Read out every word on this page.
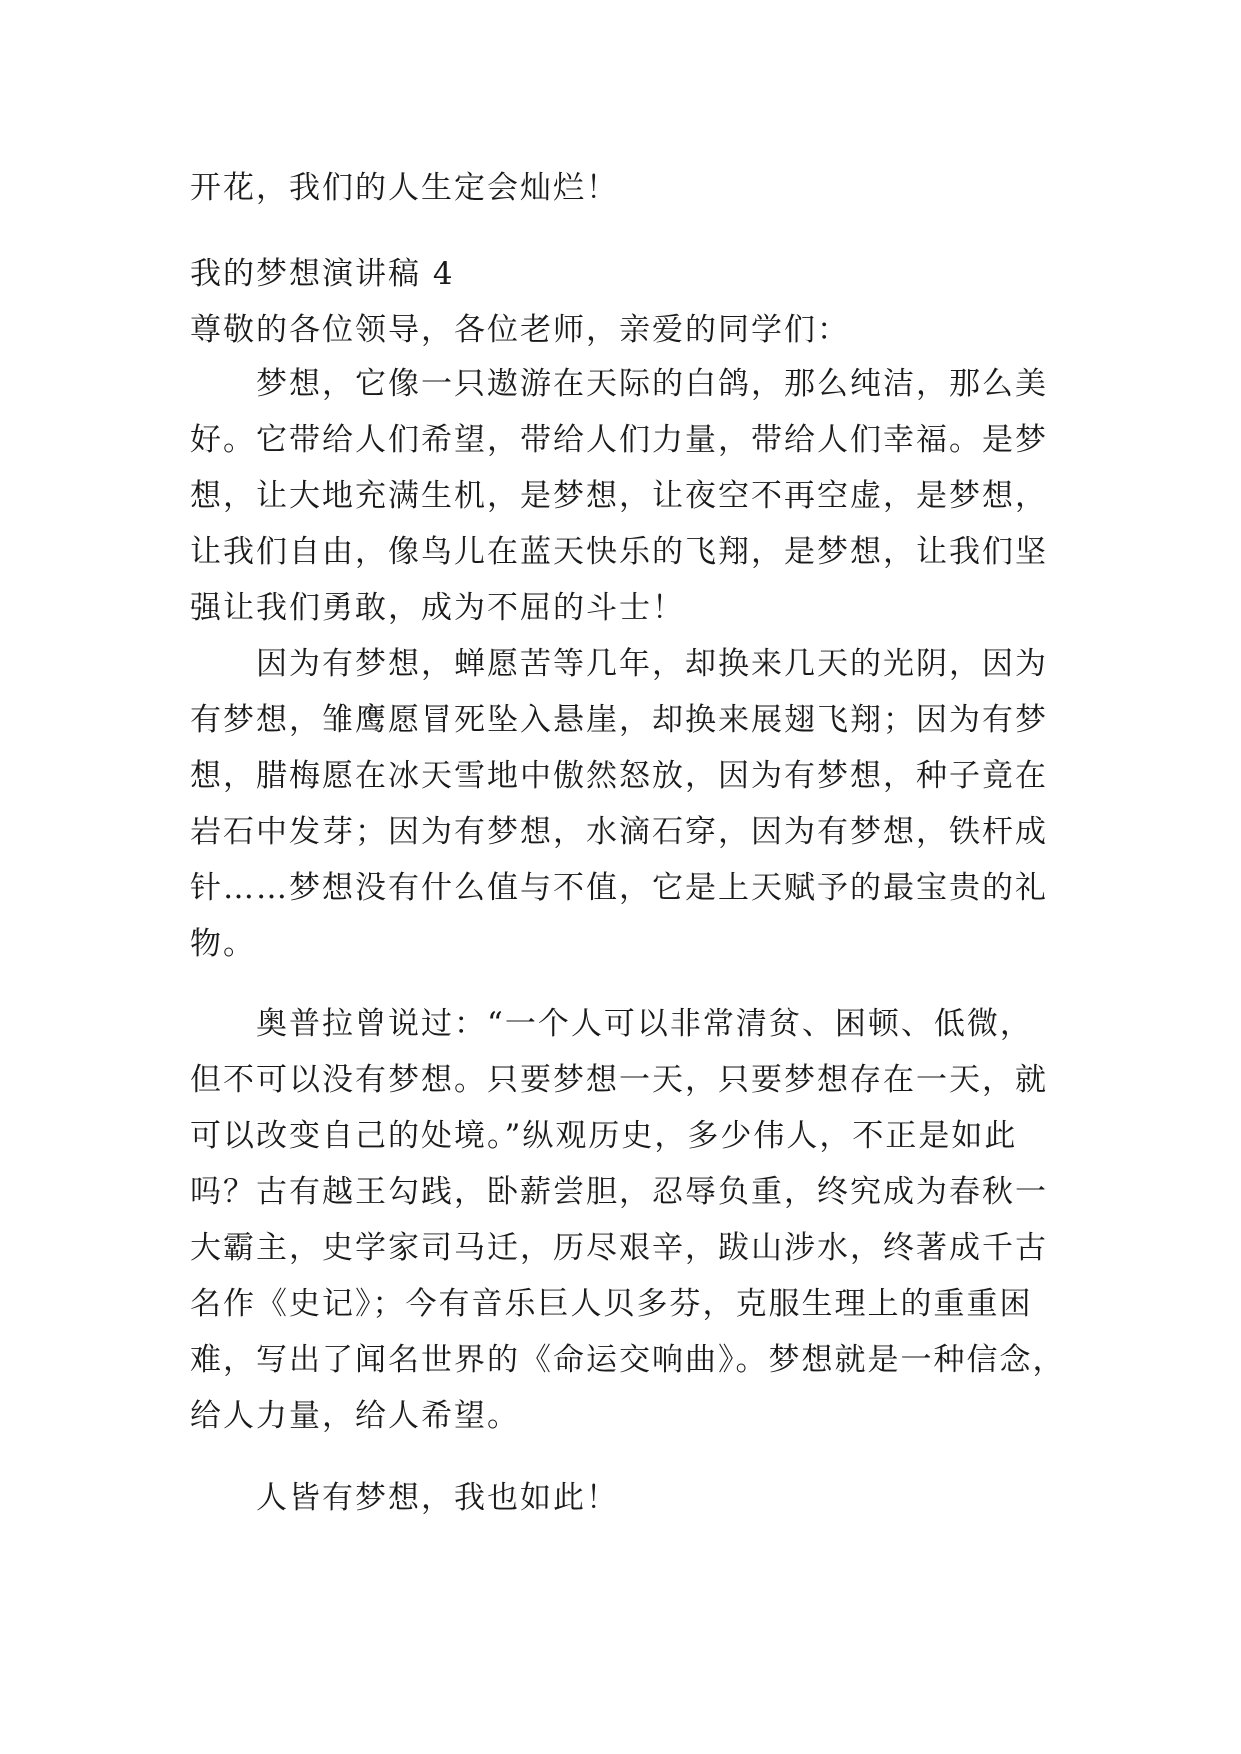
开花，我们的人生定会灿烂！
我的梦想演讲稿 4
尊敬的各位领导，各位老师，亲爱的同学们：
梦想，它像一只遨游在天际的白鸽，那么纯洁，那么美
好。它带给人们希望，带给人们力量，带给人们幸福。是梦
想，让大地充满生机，是梦想，让夜空不再空虚，是梦想，
让我们自由，像鸟儿在蓝天快乐的飞翔，是梦想，让我们坚
强让我们勇敢，成为不屈的斗士！
因为有梦想，蝉愿苦等几年，却换来几天的光阴，因为
有梦想，雏鹰愿冒死坠入悬崖，却换来展翅飞翔；因为有梦
想，腊梅愿在冰天雪地中傲然怒放，因为有梦想，种子竟在
岩石中发芽；因为有梦想，水滴石穿，因为有梦想，铁杆成
针……梦想没有什么值与不值，它是上天赋予的最宝贵的礼
物。
奥普拉曾说过：“一个人可以非常清贫、困顿、低微，
但不可以没有梦想。只要梦想一天，只要梦想存在一天，就
可以改变自己的处境。”纵观历史，多少伟人，不正是如此
吗？古有越王勾践，卧薪尝胆，忍辱负重，终究成为春秋一
大霸主，史学家司马迁，历尽艰辛，跋山涉水，终著成千古
名作《史记》；今有音乐巨人贝多芬，克服生理上的重重困
难，写出了闻名世界的《命运交响曲》。梦想就是一种信念，
给人力量，给人希望。
人皆有梦想，我也如此！
